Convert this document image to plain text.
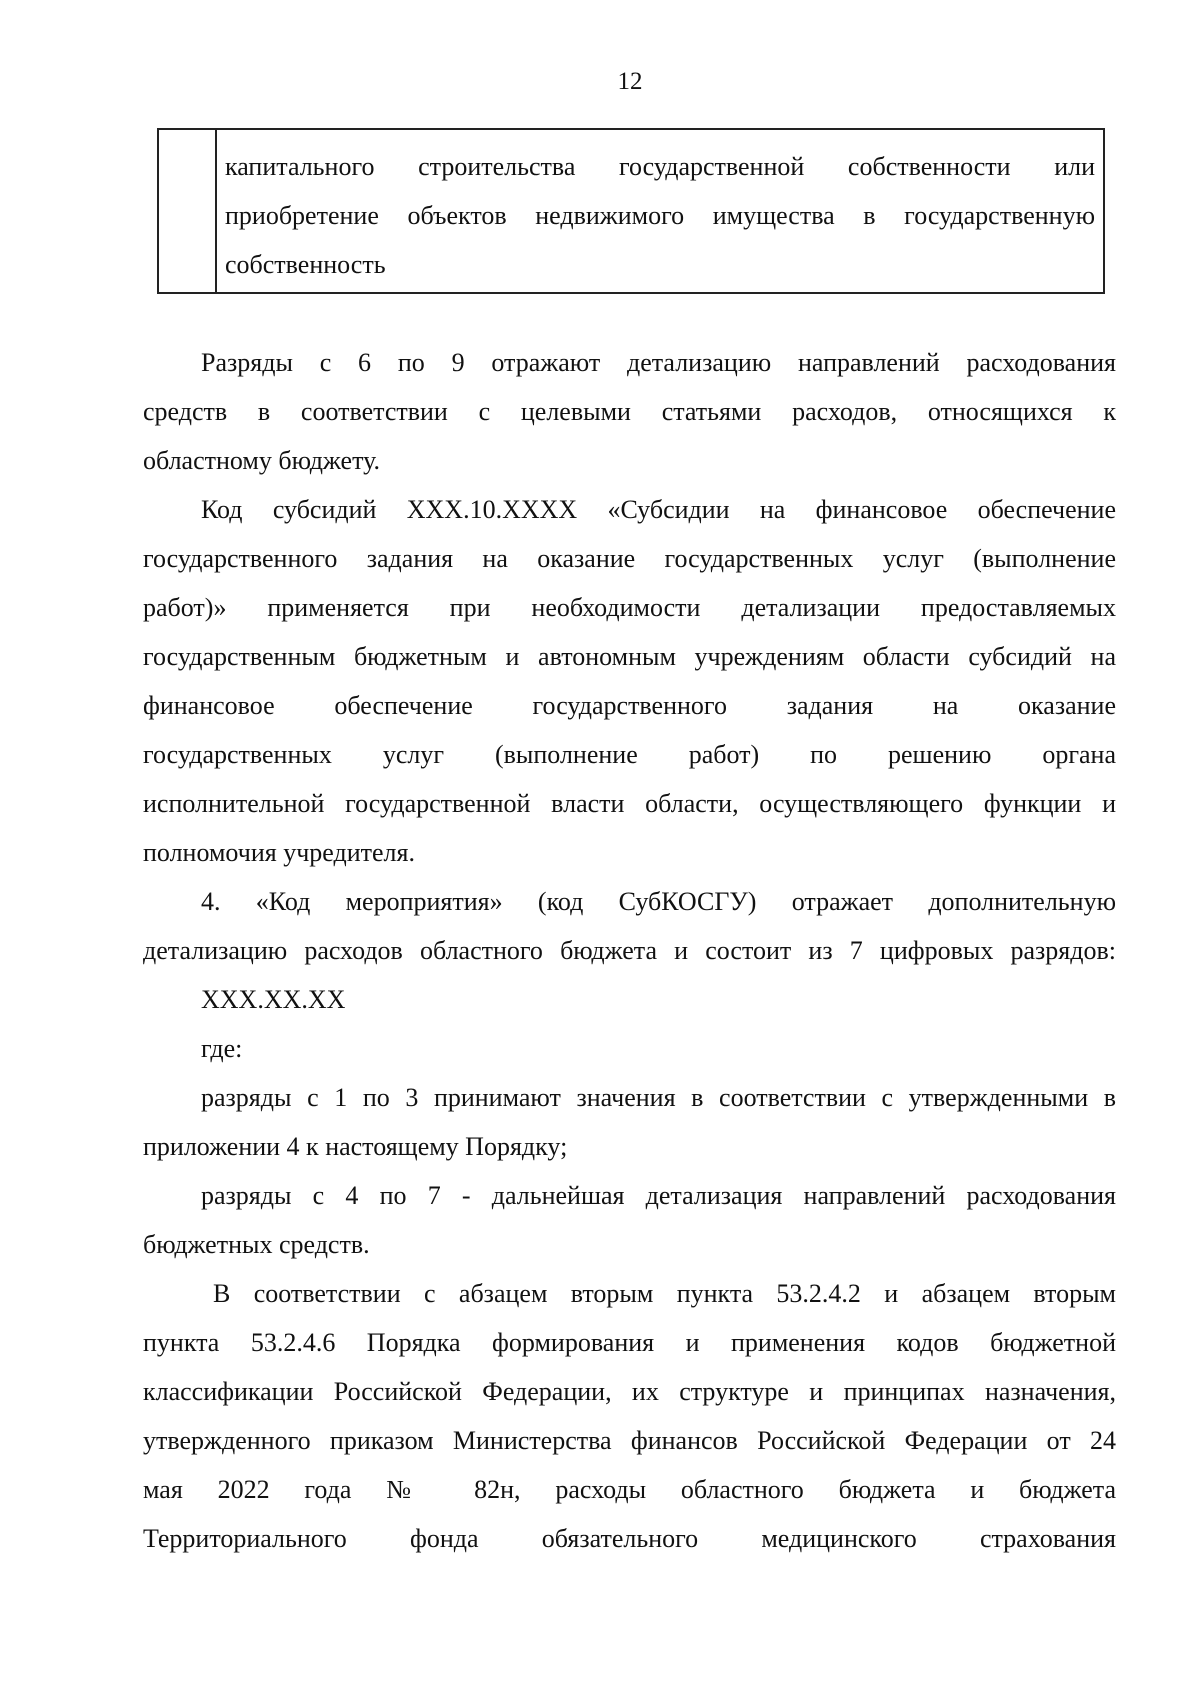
12
капитального строительства государственной собственности или
приобретение объектов недвижимого имущества в государственную
собственность
Разряды с 6 по 9 отражают детализацию направлений расходования
средств в соответствии с целевыми статьями расходов, относящихся к
областному бюджету.
Код субсидий ХХХ.10.ХХХХ «Субсидии на финансовое обеспечение
государственного задания на оказание государственных услуг (выполнение
работ)» применяется при необходимости детализации предоставляемых
государственным бюджетным и автономным учреждениям области субсидий на
финансовое обеспечение государственного задания на оказание
государственных услуг (выполнение работ) по решению органа
исполнительной государственной власти области, осуществляющего функции и
полномочия учредителя.
4. «Код мероприятия» (код СубКОСГУ) отражает дополнительную
детализацию расходов областного бюджета и состоит из 7 цифровых разрядов:
ХХХ.ХХ.ХХ
где:
разряды с 1 по 3 принимают значения в соответствии с утвержденными в
приложении 4 к настоящему Порядку;
разряды с 4 по 7 - дальнейшая детализация направлений расходования
бюджетных средств.
В соответствии с абзацем вторым пункта 53.2.4.2 и абзацем вторым
пункта 53.2.4.6 Порядка формирования и применения кодов бюджетной
классификации Российской Федерации, их структуре и принципах назначения,
утвержденного приказом Министерства финансов Российской Федерации от 24
мая 2022 года № 82н, расходы областного бюджета и бюджета
Территориального фонда обязательного медицинского страхования
